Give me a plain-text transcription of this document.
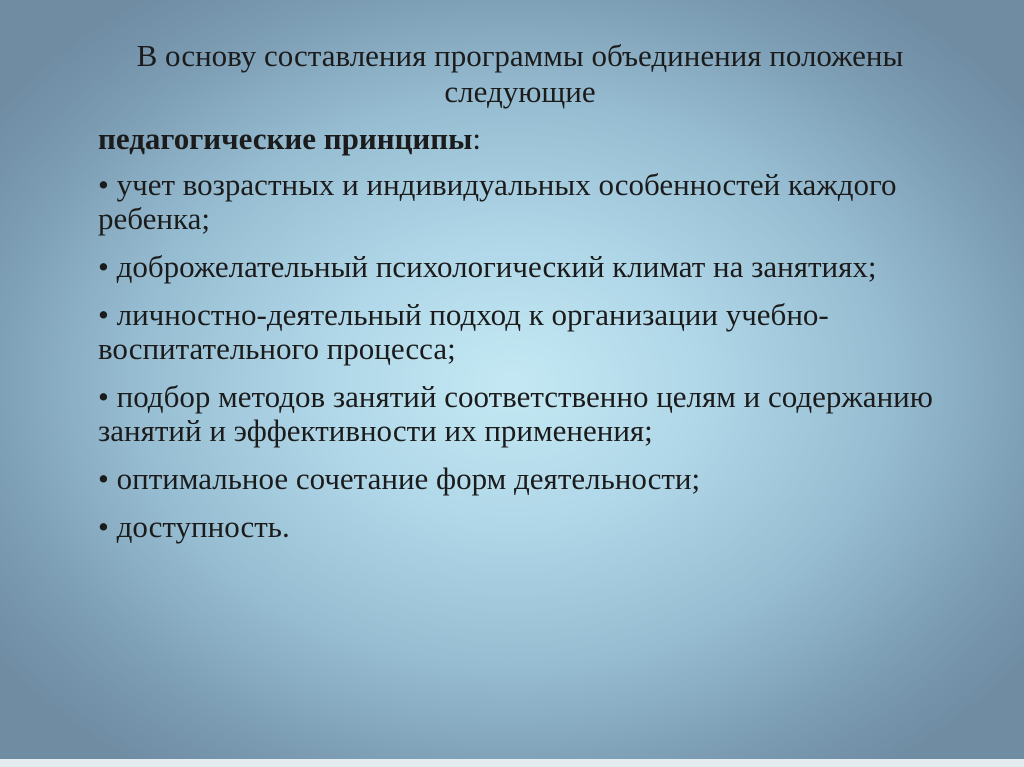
В основу составления программы объединения положены следующие

педагогические принципы:

• учет возрастных и индивидуальных особенностей каждого ребенка;
• доброжелательный психологический климат на занятиях;
• личностно-деятельный подход к организации учебно-воспитательного процесса;
• подбор методов занятий соответственно целям и содержанию занятий и эффективности их применения;
• оптимальное сочетание форм деятельности;
• доступность.
